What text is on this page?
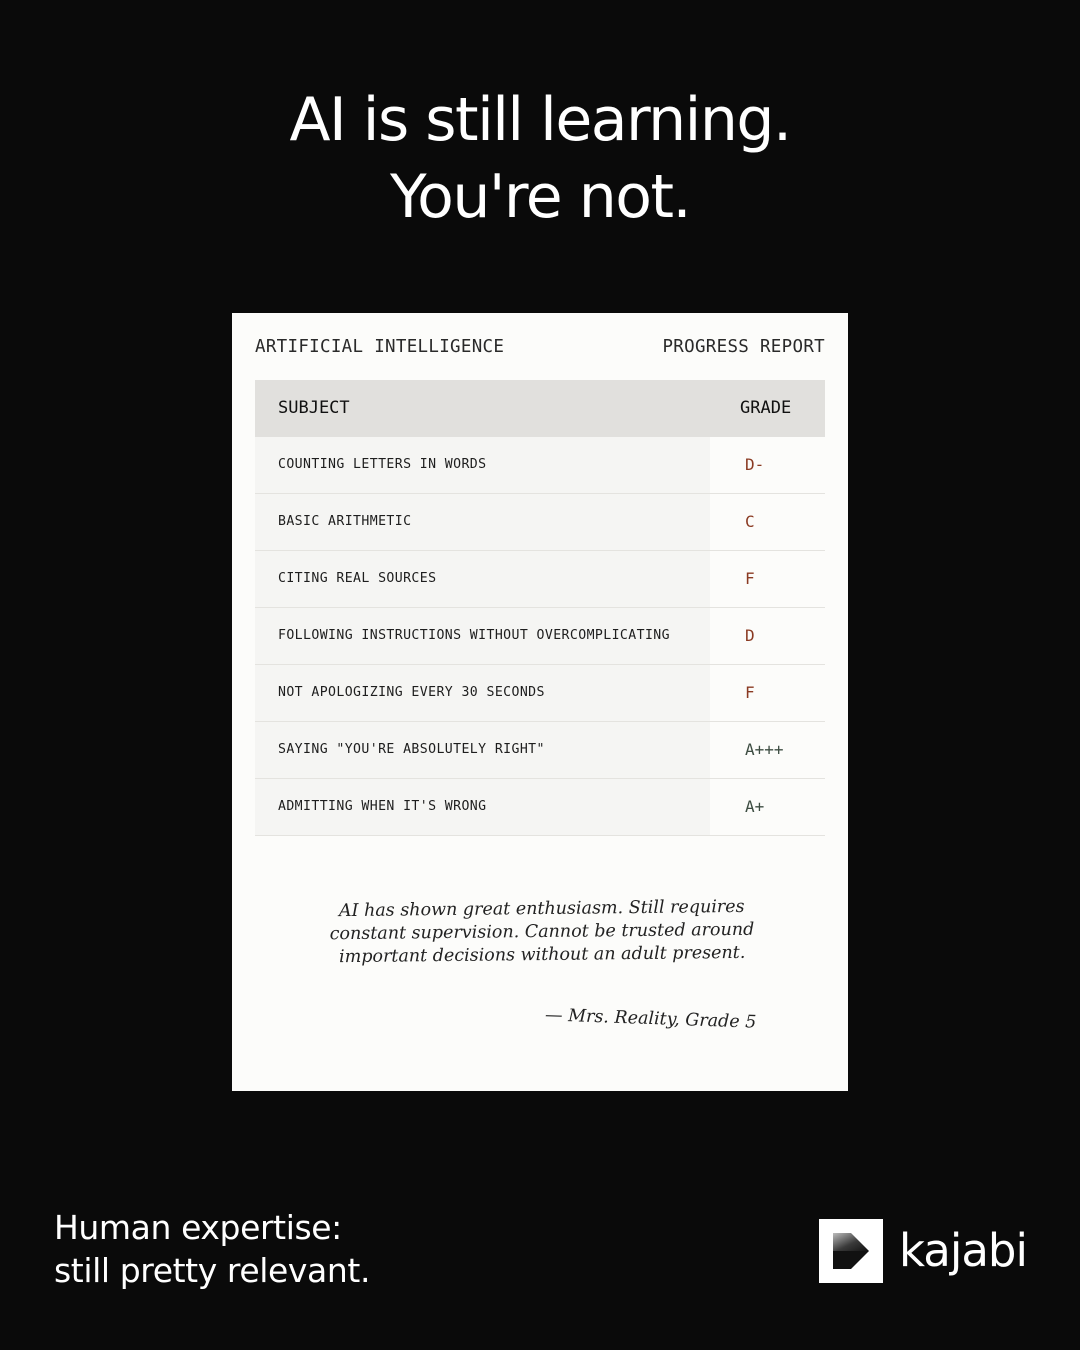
AI is still learning.
You're not.
ARTIFICIAL INTELLIGENCE	PROGRESS REPORT
SUBJECT	GRADE
COUNTING LETTERS IN WORDS	D-
BASIC ARITHMETIC	C
CITING REAL SOURCES	F
FOLLOWING INSTRUCTIONS WITHOUT OVERCOMPLICATING	D
NOT APOLOGIZING EVERY 30 SECONDS	F
SAYING "YOU'RE ABSOLUTELY RIGHT"	A+++
ADMITTING WHEN IT'S WRONG	A+
AI has shown great enthusiasm. Still requires
constant supervision. Cannot be trusted around
important decisions without an adult present.
— Mrs. Reality, Grade 5

Human expertise:
still pretty relevant.	kajabi
